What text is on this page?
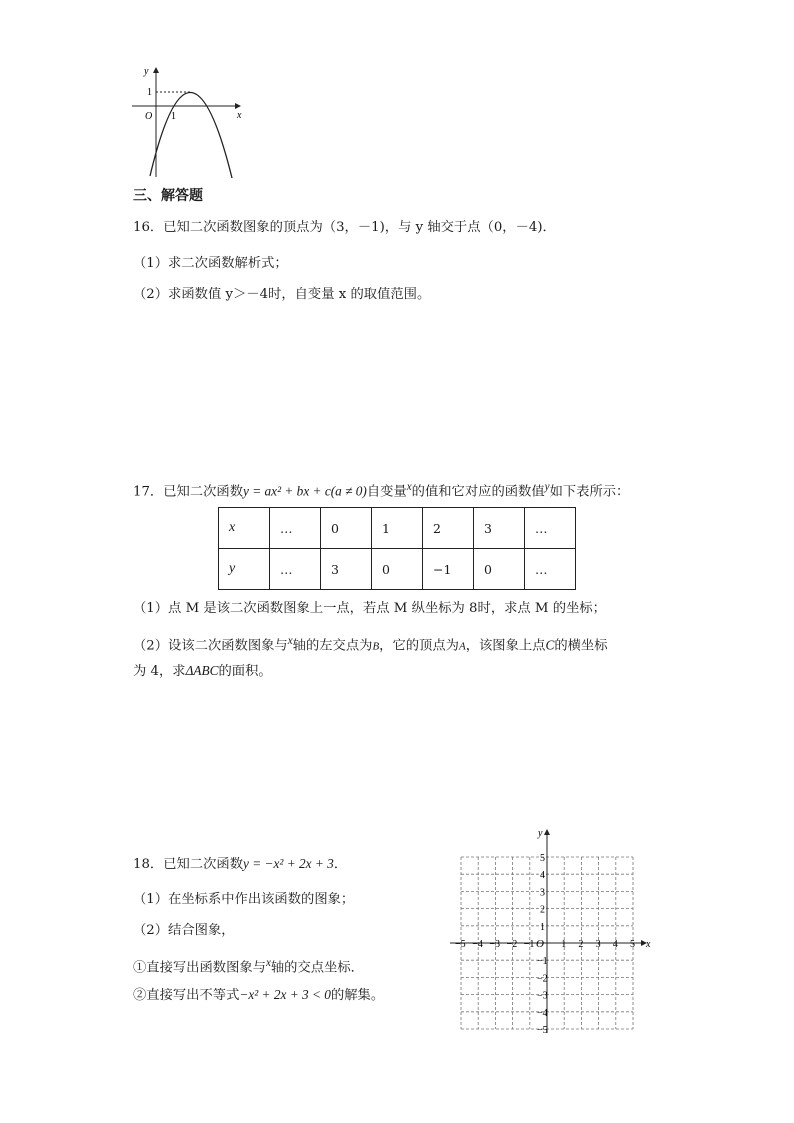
y
x
O 1
1
三、解答题
16．已知二次函数图象的顶点为（3，－1)，与 y 轴交于点（0，－4)．
（1）求二次函数解析式；
（2）求函数值 y＞－4时，自变量 x 的取值范围。
17．已知二次函数y = ax² + bx + c(a ≠ 0)自变量$^x$的值和它对应的函数值$^y$如下表所示：
x	…	0	1	2	3	…
y	…	3	0	−1	0	…
（1）点 M 是该二次函数图象上一点，若点 M 纵坐标为 8时，求点 M 的坐标；
（2）设该二次函数图象与$^x$轴的左交点为B，它的顶点为A，该图象上点C的横坐标
为 4，求ΔABC的面积。
18．已知二次函数y = −x² + 2x + 3．
（1）在坐标系中作出该函数的图象；
（2）结合图象，
①直接写出函数图象与$^x$轴的交点坐标．
②直接写出不等式−x² + 2x + 3 < 0的解集。
−5 −4 −3 −2 −1	1 2 3 4 5
5
4
3
2
1
−1
−2
−3
−4
−5
x
y
O
